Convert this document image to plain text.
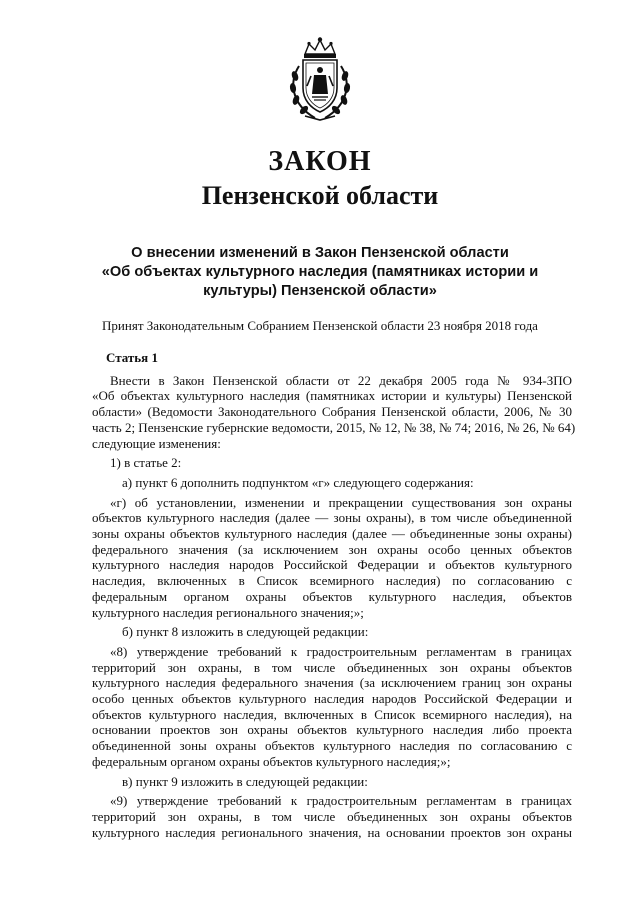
ЗАКОН
Пензенской области
О внесении изменений в Закон Пензенской области
«Об объектах культурного наследия (памятниках истории и
культуры) Пензенской области»
Принят Законодательным Собранием Пензенской области 23 ноября 2018 года
Статья 1
Внести в Закон Пензенской области от 22 декабря 2005 года № 934-ЗПО
«Об объектах культурного наследия (памятниках истории и культуры) Пензенской
области» (Ведомости Законодательного Собрания Пензенской области, 2006, № 30
часть 2; Пензенские губернские ведомости, 2015, № 12, № 38, № 74; 2016, № 26, № 64)
следующие изменения:
1) в статье 2:
а) пункт 6 дополнить подпунктом «г» следующего содержания:
«г) об установлении, изменении и прекращении существования зон охраны
объектов культурного наследия (далее — зоны охраны), в том числе объединенной
зоны охраны объектов культурного наследия (далее — объединенные зоны охраны)
федерального значения (за исключением зон охраны особо ценных объектов
культурного наследия народов Российской Федерации и объектов культурного
наследия, включенных в Список всемирного наследия) по согласованию с
федеральным органом охраны объектов культурного наследия, объектов
культурного наследия регионального значения;»;
б) пункт 8 изложить в следующей редакции:
«8) утверждение требований к градостроительным регламентам в границах
территорий зон охраны, в том числе объединенных зон охраны объектов
культурного наследия федерального значения (за исключением границ зон охраны
особо ценных объектов культурного наследия народов Российской Федерации и
объектов культурного наследия, включенных в Список всемирного наследия), на
основании проектов зон охраны объектов культурного наследия либо проекта
объединенной зоны охраны объектов культурного наследия по согласованию с
федеральным органом охраны объектов культурного наследия;»;
в) пункт 9 изложить в следующей редакции:
«9) утверждение требований к градостроительным регламентам в границах
территорий зон охраны, в том числе объединенных зон охраны объектов
культурного наследия регионального значения, на основании проектов зон охраны
